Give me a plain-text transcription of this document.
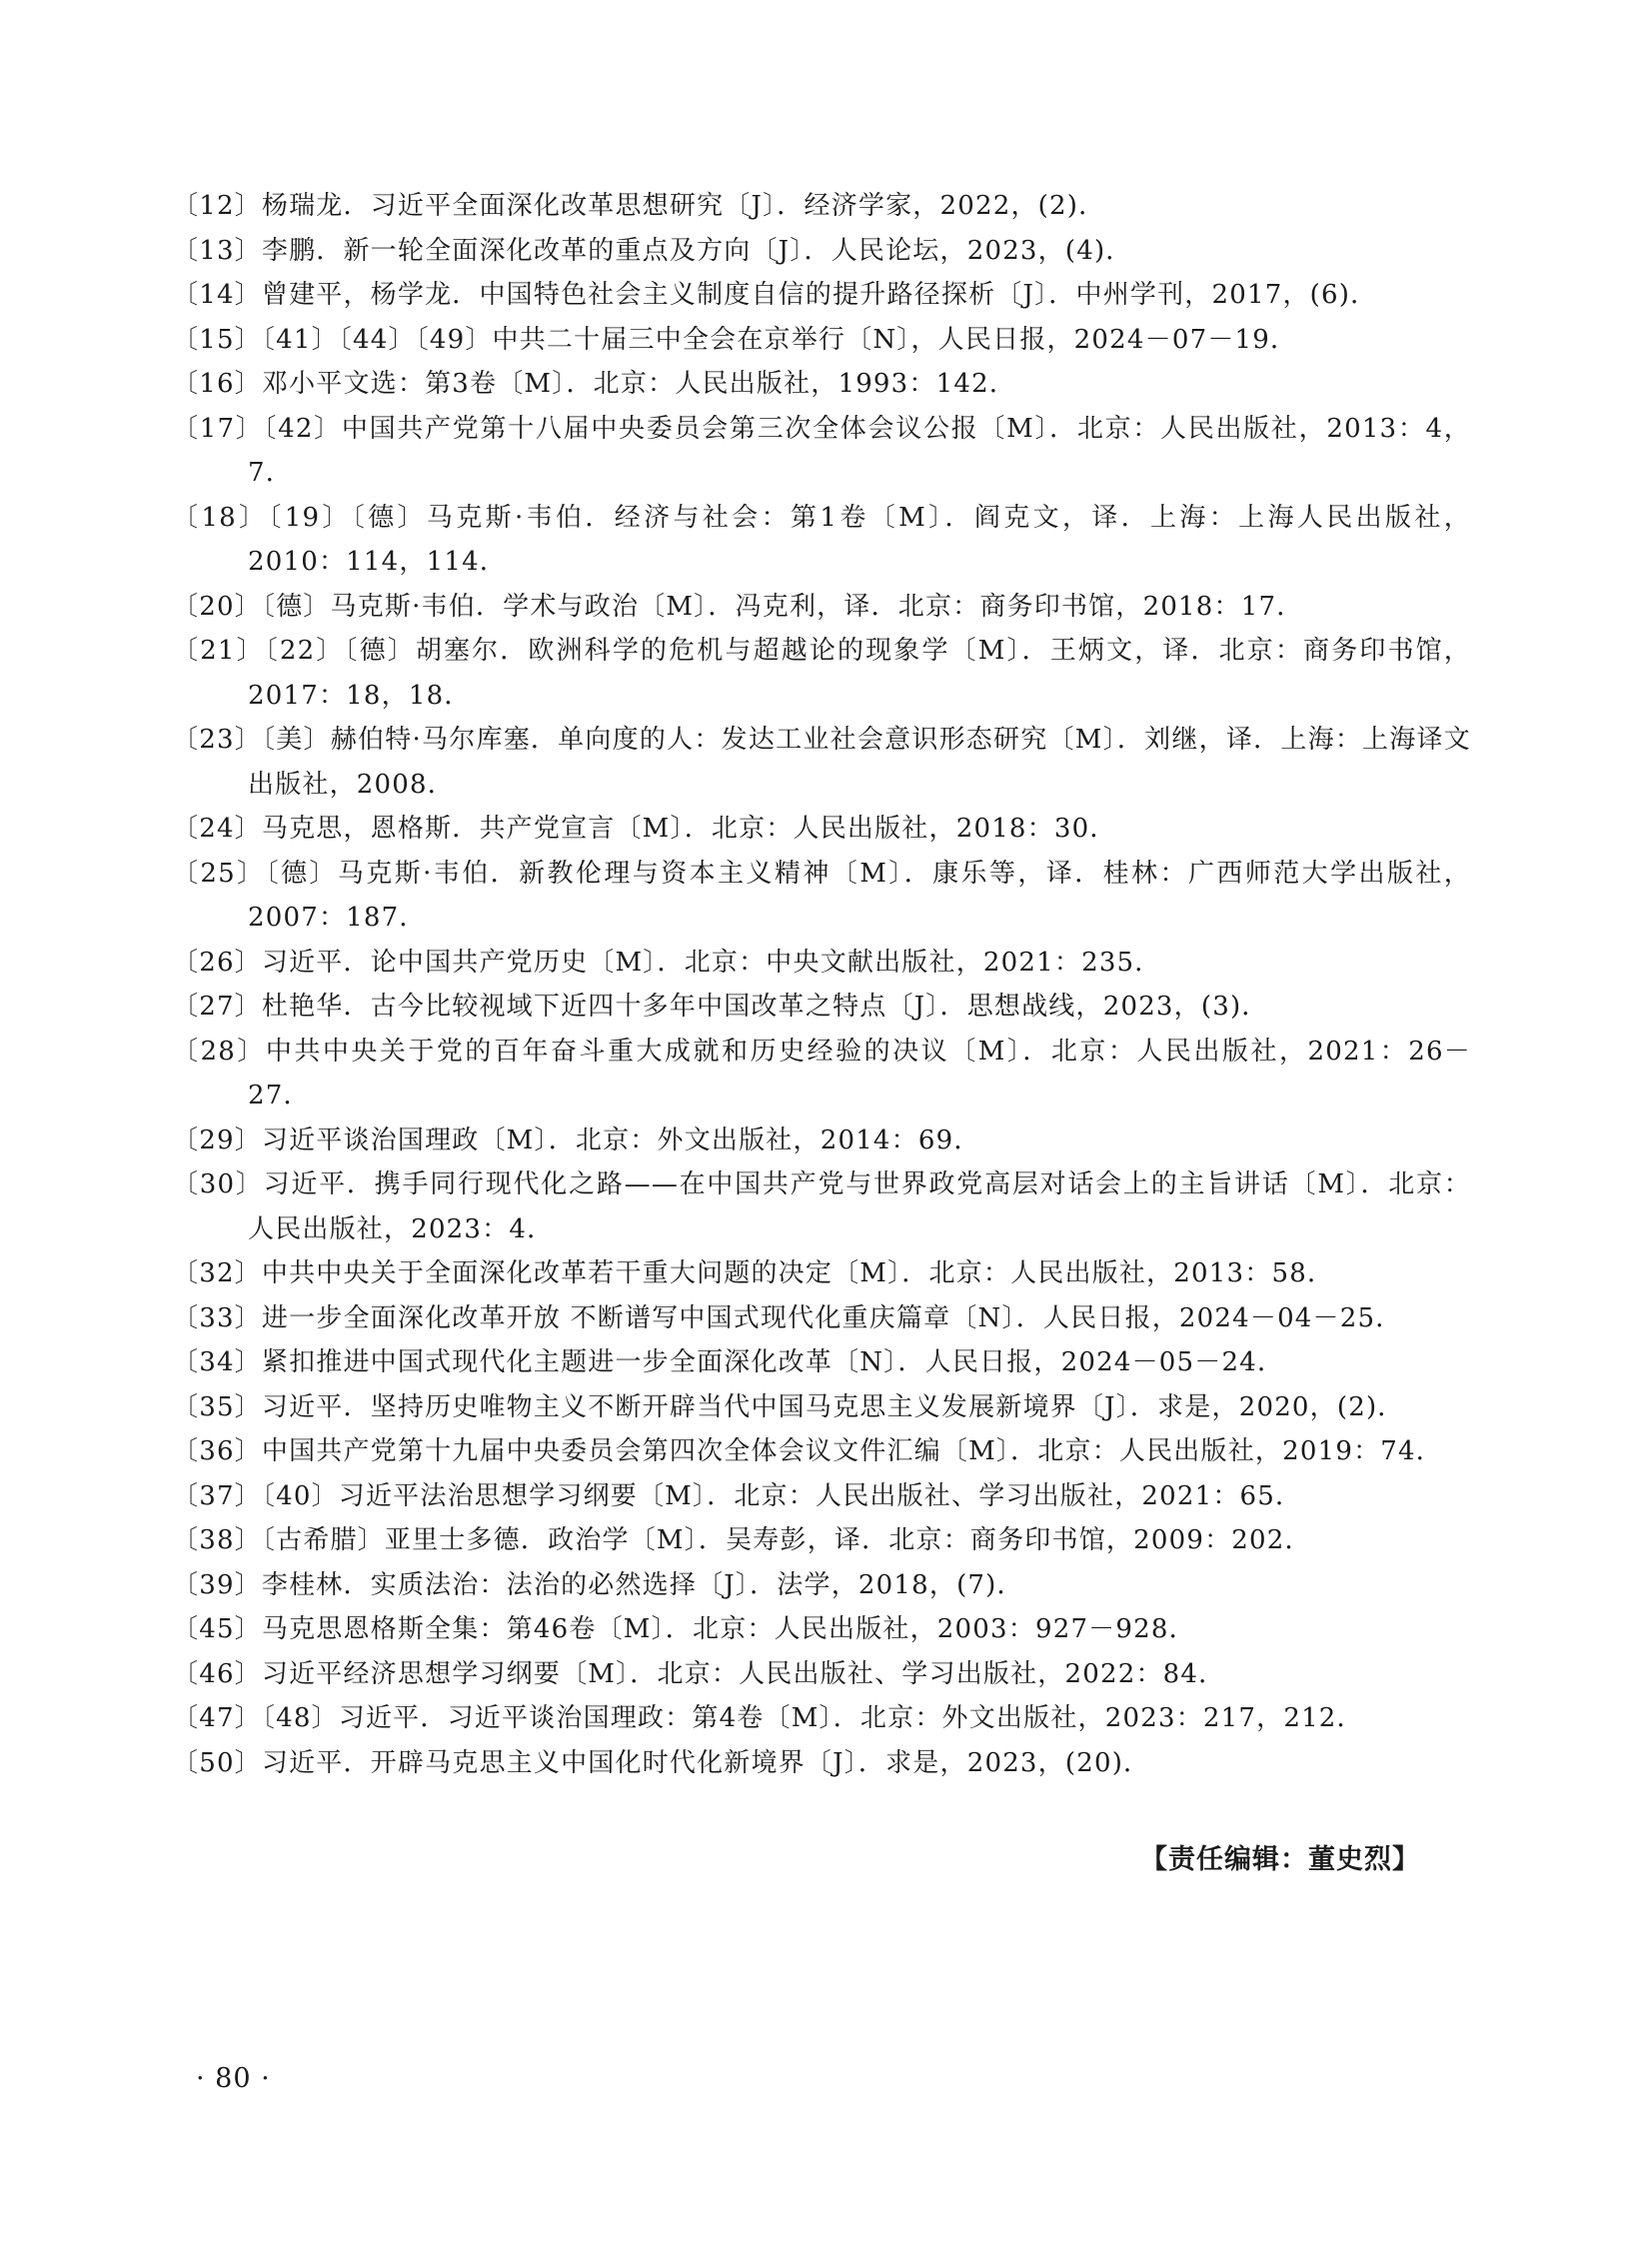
〔12〕杨瑞龙．习近平全面深化改革思想研究〔J〕．经济学家，2022，(2)．
〔13〕李鹏．新一轮全面深化改革的重点及方向〔J〕．人民论坛，2023，(4)．
〔14〕曾建平，杨学龙．中国特色社会主义制度自信的提升路径探析〔J〕．中州学刊，2017，(6)．
〔15〕〔41〕〔44〕〔49〕中共二十届三中全会在京举行〔N〕，人民日报，2024－07－19．
〔16〕邓小平文选：第3卷〔M〕．北京：人民出版社，1993：142．
〔17〕〔42〕中国共产党第十八届中央委员会第三次全体会议公报〔M〕．北京：人民出版社，2013：4，7．
〔18〕〔19〕〔德〕马克斯·韦伯．经济与社会：第1卷〔M〕．阎克文，译．上海：上海人民出版社，2010：114，114．
〔20〕〔德〕马克斯·韦伯．学术与政治〔M〕．冯克利，译．北京：商务印书馆，2018：17．
〔21〕〔22〕〔德〕胡塞尔．欧洲科学的危机与超越论的现象学〔M〕．王炳文，译．北京：商务印书馆，2017：18，18．
〔23〕〔美〕赫伯特·马尔库塞．单向度的人：发达工业社会意识形态研究〔M〕．刘继，译．上海：上海译文出版社，2008．
〔24〕马克思，恩格斯．共产党宣言〔M〕．北京：人民出版社，2018：30．
〔25〕〔德〕马克斯·韦伯．新教伦理与资本主义精神〔M〕．康乐等，译．桂林：广西师范大学出版社，2007：187．
〔26〕习近平．论中国共产党历史〔M〕．北京：中央文献出版社，2021：235．
〔27〕杜艳华．古今比较视域下近四十多年中国改革之特点〔J〕．思想战线，2023，(3)．
〔28〕中共中央关于党的百年奋斗重大成就和历史经验的决议〔M〕．北京：人民出版社，2021：26－27．
〔29〕习近平谈治国理政〔M〕．北京：外文出版社，2014：69．
〔30〕习近平．携手同行现代化之路——在中国共产党与世界政党高层对话会上的主旨讲话〔M〕．北京：人民出版社，2023：4．
〔32〕中共中央关于全面深化改革若干重大问题的决定〔M〕．北京：人民出版社，2013：58．
〔33〕进一步全面深化改革开放 不断谱写中国式现代化重庆篇章〔N〕．人民日报，2024－04－25．
〔34〕紧扣推进中国式现代化主题进一步全面深化改革〔N〕．人民日报，2024－05－24．
〔35〕习近平．坚持历史唯物主义不断开辟当代中国马克思主义发展新境界〔J〕．求是，2020，(2)．
〔36〕中国共产党第十九届中央委员会第四次全体会议文件汇编〔M〕．北京：人民出版社，2019：74．
〔37〕〔40〕习近平法治思想学习纲要〔M〕．北京：人民出版社、学习出版社，2021：65．
〔38〕〔古希腊〕亚里士多德．政治学〔M〕．吴寿彭，译．北京：商务印书馆，2009：202．
〔39〕李桂林．实质法治：法治的必然选择〔J〕．法学，2018，(7)．
〔45〕马克思恩格斯全集：第46卷〔M〕．北京：人民出版社，2003：927－928．
〔46〕习近平经济思想学习纲要〔M〕．北京：人民出版社、学习出版社，2022：84．
〔47〕〔48〕习近平．习近平谈治国理政：第4卷〔M〕．北京：外文出版社，2023：217，212．
〔50〕习近平．开辟马克思主义中国化时代化新境界〔J〕．求是，2023，(20)．
【责任编辑：董史烈】
· 80 ·
